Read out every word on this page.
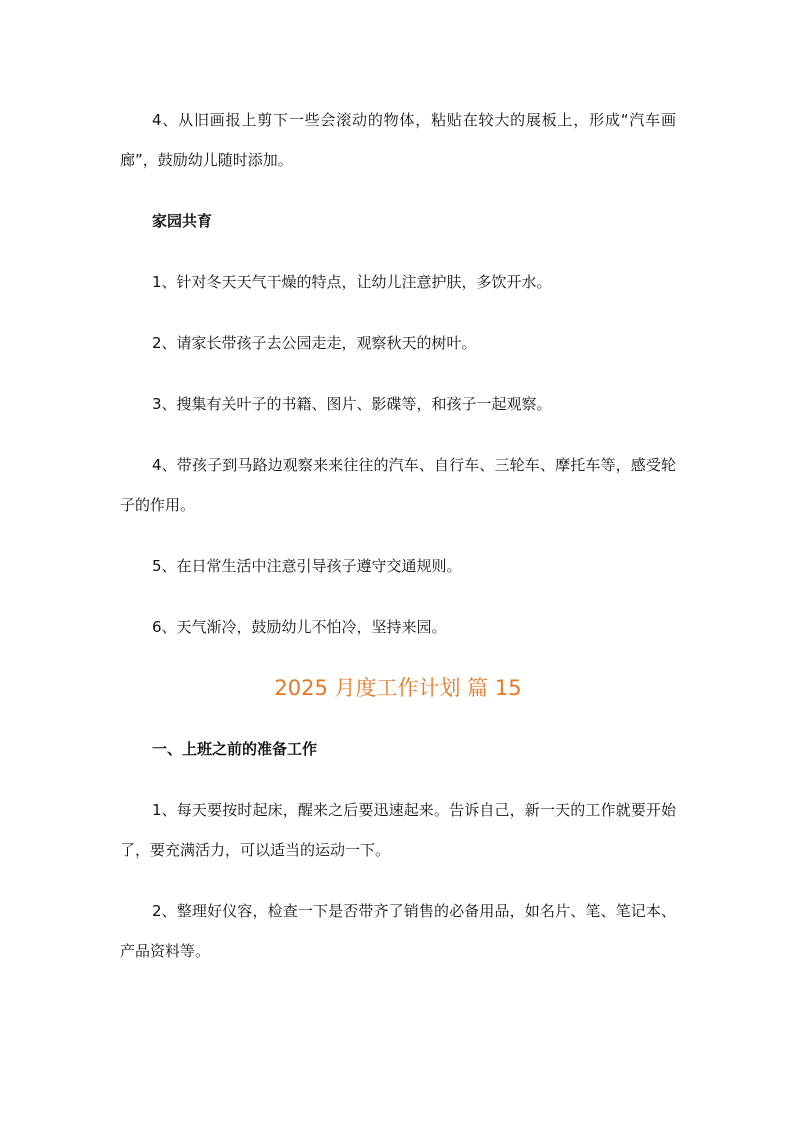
4、从旧画报上剪下一些会滚动的物体，粘贴在较大的展板上，形成“汽车画廊”，鼓励幼儿随时添加。

家园共育

1、针对冬天天气干燥的特点，让幼儿注意护肤，多饮开水。

2、请家长带孩子去公园走走，观察秋天的树叶。

3、搜集有关叶子的书籍、图片、影碟等，和孩子一起观察。

4、带孩子到马路边观察来来往往的汽车、自行车、三轮车、摩托车等，感受轮子的作用。

5、在日常生活中注意引导孩子遵守交通规则。

6、天气渐冷，鼓励幼儿不怕冷，坚持来园。

2025 月度工作计划 篇 15

一、上班之前的准备工作

1、每天要按时起床，醒来之后要迅速起来。告诉自己，新一天的工作就要开始了，要充满活力，可以适当的运动一下。

2、整理好仪容，检查一下是否带齐了销售的必备用品，如名片、笔、笔记本、产品资料等。
